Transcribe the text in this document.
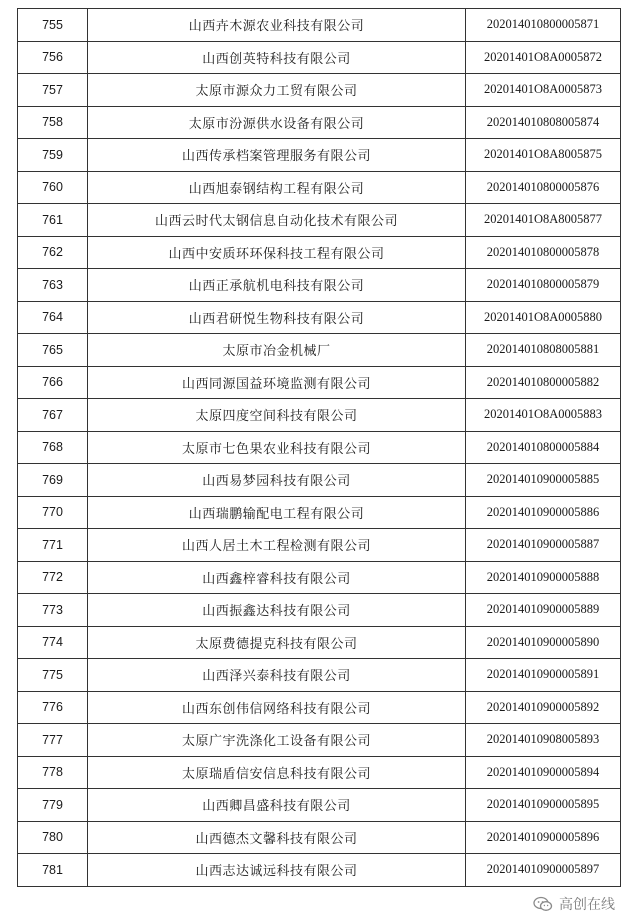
755	山西卉木源农业科技有限公司	202014010800005871
756	山西创英特科技有限公司	20201401O8A0005872
757	太原市源众力工贸有限公司	20201401O8A0005873
758	太原市汾源供水设备有限公司	202014010808005874
759	山西传承档案管理服务有限公司	20201401O8A8005875
760	山西旭泰钢结构工程有限公司	202014010800005876
761	山西云时代太钢信息自动化技术有限公司	20201401O8A8005877
762	山西中安质环环保科技工程有限公司	202014010800005878
763	山西正承航机电科技有限公司	202014010800005879
764	山西君研悦生物科技有限公司	20201401O8A0005880
765	太原市冶金机械厂	202014010808005881
766	山西同源国益环境监测有限公司	202014010800005882
767	太原四度空间科技有限公司	20201401O8A0005883
768	太原市七色果农业科技有限公司	202014010800005884
769	山西易梦园科技有限公司	202014010900005885
770	山西瑞鹏输配电工程有限公司	202014010900005886
771	山西人居土木工程检测有限公司	202014010900005887
772	山西鑫梓睿科技有限公司	202014010900005888
773	山西振鑫达科技有限公司	202014010900005889
774	太原费德提克科技有限公司	202014010900005890
775	山西泽兴泰科技有限公司	202014010900005891
776	山西东创伟信网络科技有限公司	202014010900005892
777	太原广宇洗涤化工设备有限公司	202014010908005893
778	太原瑞盾信安信息科技有限公司	202014010900005894
779	山西卿昌盛科技有限公司	202014010900005895
780	山西德杰文馨科技有限公司	202014010900005896
781	山西志达诚远科技有限公司	202014010900005897
高创在线
